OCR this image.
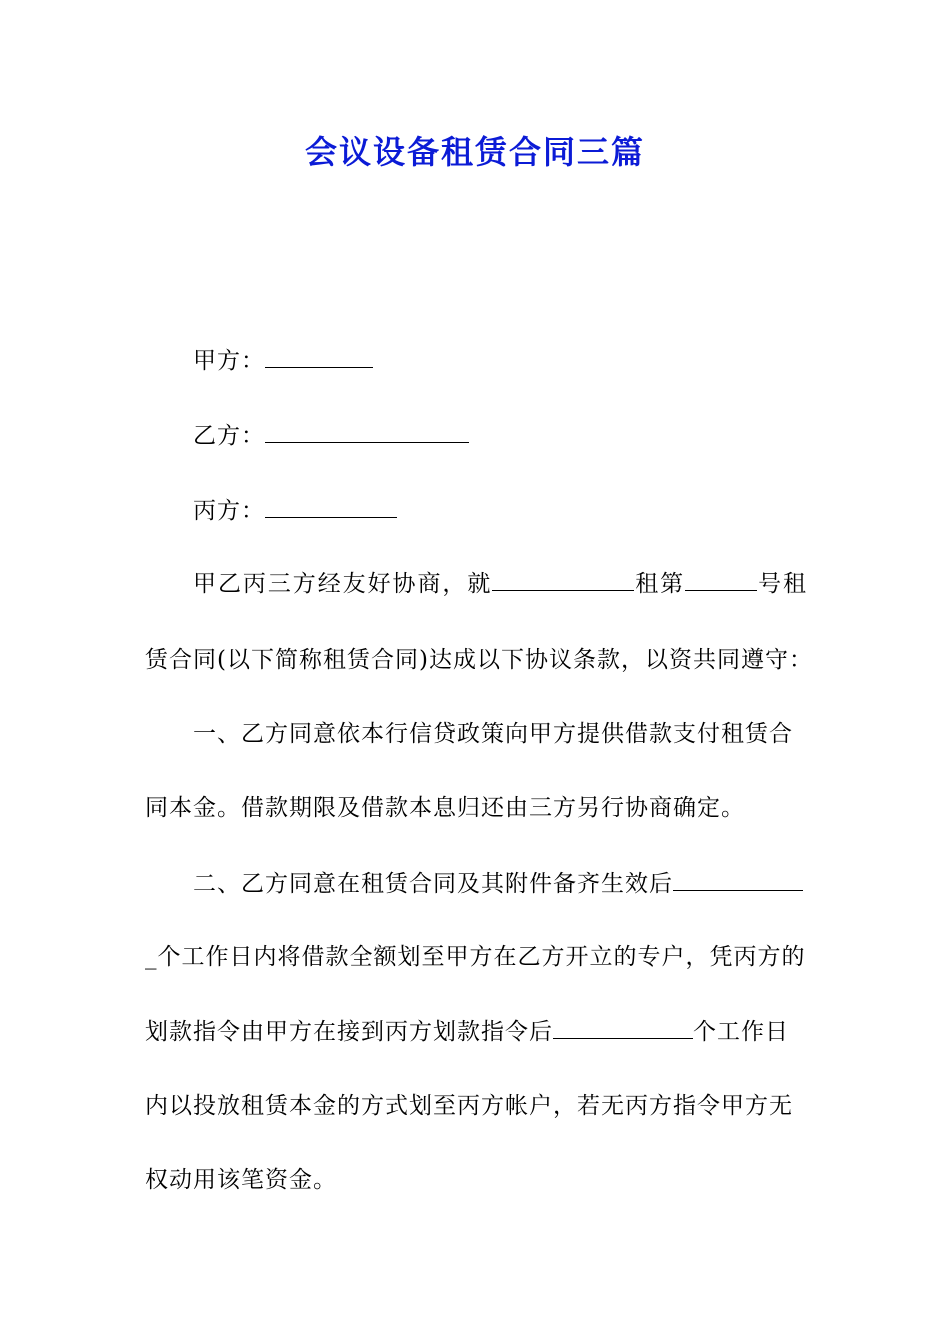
会议设备租赁合同三篇
甲方：
乙方：
丙方：
甲乙丙三方经友好协商，就	租第	号租
赁合同(以下简称租赁合同)达成以下协议条款，以资共同遵守：
一、乙方同意依本行信贷政策向甲方提供借款支付租赁合
同本金。借款期限及借款本息归还由三方另行协商确定。
二、乙方同意在租赁合同及其附件备齐生效后
_个工作日内将借款全额划至甲方在乙方开立的专户，凭丙方的
划款指令由甲方在接到丙方划款指令后	个工作日
内以投放租赁本金的方式划至丙方帐户，若无丙方指令甲方无
权动用该笔资金。
